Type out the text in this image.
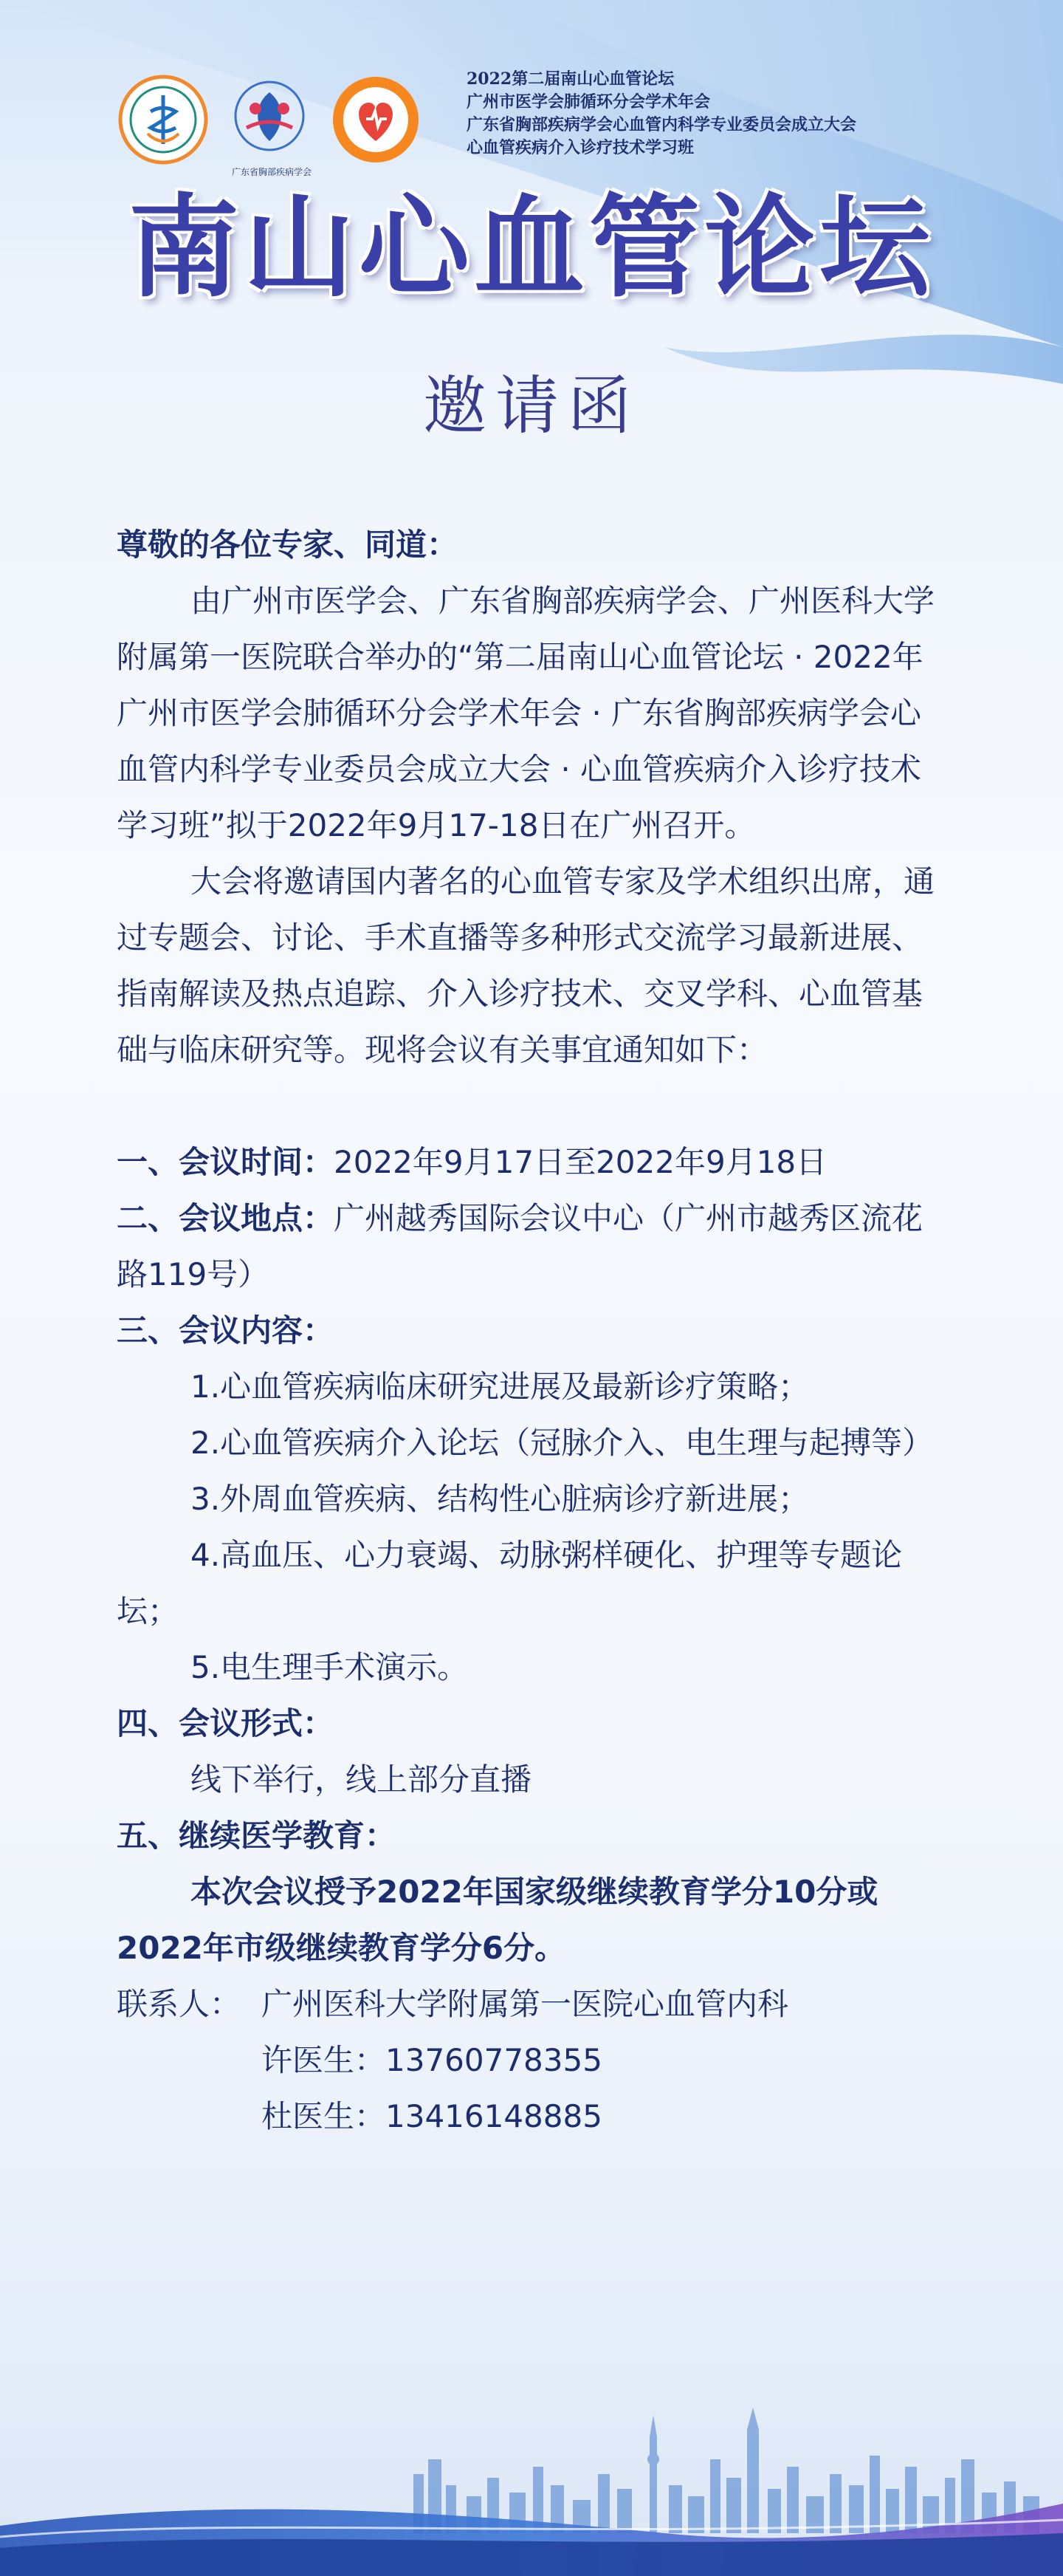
广东省胸部疾病学会
2022第二届南山心血管论坛
广州市医学会肺循环分会学术年会
广东省胸部疾病学会心血管内科学专业委员会成立大会
心血管疾病介入诊疗技术学习班
南山心血管论坛
邀请函

尊敬的各位专家、同道：

由广州市医学会、广东省胸部疾病学会、广州医科大学附属第一医院联合举办的“第二届南山心血管论坛 · 2022年广州市医学会肺循环分会学术年会 · 广东省胸部疾病学会心血管内科学专业委员会成立大会 · 心血管疾病介入诊疗技术学习班”拟于2022年9月17-18日在广州召开。

大会将邀请国内著名的心血管专家及学术组织出席，通过专题会、讨论、手术直播等多种形式交流学习最新进展、指南解读及热点追踪、介入诊疗技术、交叉学科、心血管基础与临床研究等。现将会议有关事宜通知如下：

一、会议时间：2022年9月17日至2022年9月18日

二、会议地点：广州越秀国际会议中心（广州市越秀区流花路119号）

三、会议内容：

1.心血管疾病临床研究进展及最新诊疗策略；

2.心血管疾病介入论坛（冠脉介入、电生理与起搏等）

3.外周血管疾病、结构性心脏病诊疗新进展；

4.高血压、心力衰竭、动脉粥样硬化、护理等专题论坛；

5.电生理手术演示。

四、会议形式：

线下举行，线上部分直播

五、继续医学教育：

本次会议授予2022年国家级继续教育学分10分或2022年市级继续教育学分6分。

联系人： 广州医科大学附属第一医院心血管内科

许医生：13760778355

杜医生：13416148885
